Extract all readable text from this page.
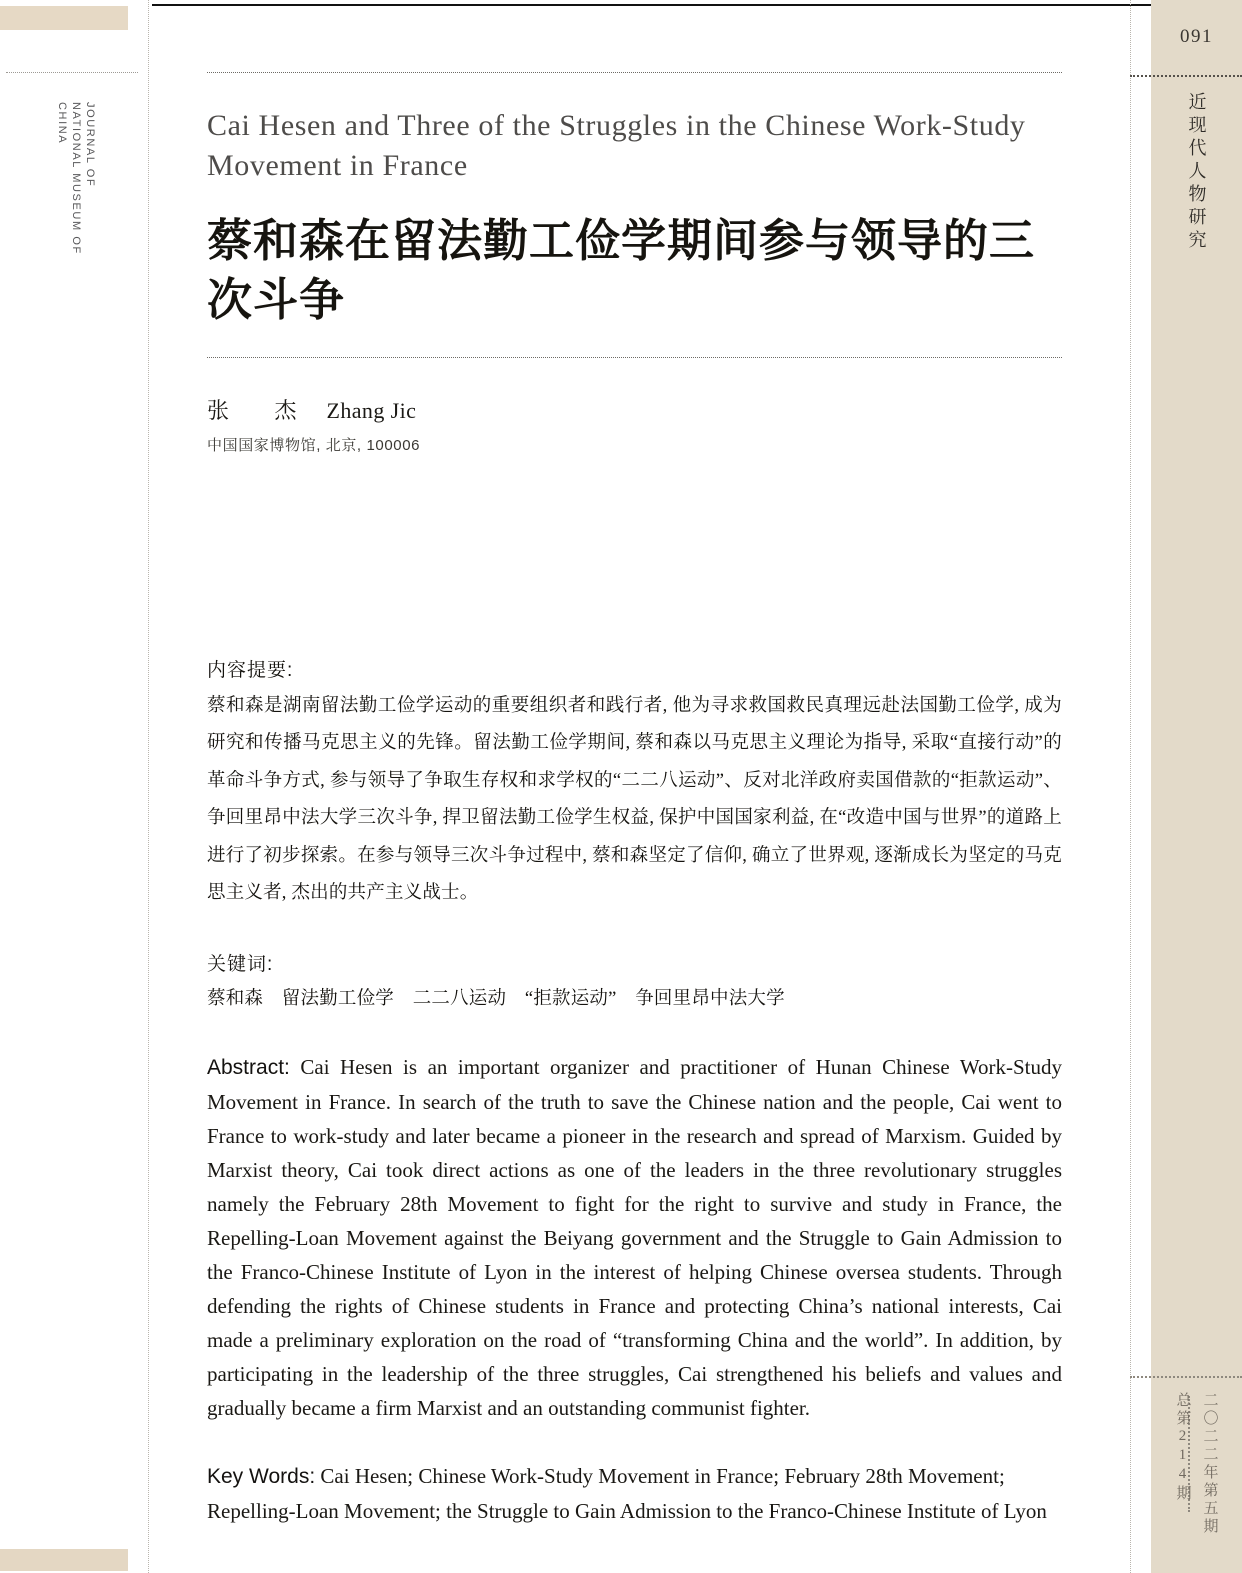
JOURNAL OF
NATIONAL MUSEUM OF
CHINA
091
近现代人物研究
二〇二二年第五期
总第214期
Cai Hesen and Three of the Struggles in the Chinese Work-Study Movement in France
蔡和森在留法勤工俭学期间参与领导的三次斗争
张 杰 Zhang Jic
中国国家博物馆, 北京, 100006
内容提要:
蔡和森是湖南留法勤工俭学运动的重要组织者和践行者, 他为寻求救国救民真理远赴法国勤工俭学, 成为研究和传播马克思主义的先锋。留法勤工俭学期间, 蔡和森以马克思主义理论为指导, 采取“直接行动”的革命斗争方式, 参与领导了争取生存权和求学权的“二二八运动”、反对北洋政府卖国借款的“拒款运动”、争回里昂中法大学三次斗争, 捍卫留法勤工俭学生权益, 保护中国国家利益, 在“改造中国与世界”的道路上进行了初步探索。在参与领导三次斗争过程中, 蔡和森坚定了信仰, 确立了世界观, 逐渐成长为坚定的马克思主义者, 杰出的共产主义战士。
关键词:
蔡和森　留法勤工俭学　二二八运动　“拒款运动”　争回里昂中法大学
Abstract: Cai Hesen is an important organizer and practitioner of Hunan Chinese Work-Study Movement in France. In search of the truth to save the Chinese nation and the people, Cai went to France to work-study and later became a pioneer in the research and spread of Marxism. Guided by Marxist theory, Cai took direct actions as one of the leaders in the three revolutionary struggles namely the February 28th Movement to fight for the right to survive and study in France, the Repelling-Loan Movement against the Beiyang government and the Struggle to Gain Admission to the Franco-Chinese Institute of Lyon in the interest of helping Chinese oversea students. Through defending the rights of Chinese students in France and protecting China’s national interests, Cai made a preliminary exploration on the road of “transforming China and the world”. In addition, by participating in the leadership of the three struggles, Cai strengthened his beliefs and values and gradually became a firm Marxist and an outstanding communist fighter.
Key Words: Cai Hesen; Chinese Work-Study Movement in France; February 28th Movement; Repelling-Loan Movement; the Struggle to Gain Admission to the Franco-Chinese Institute of Lyon
